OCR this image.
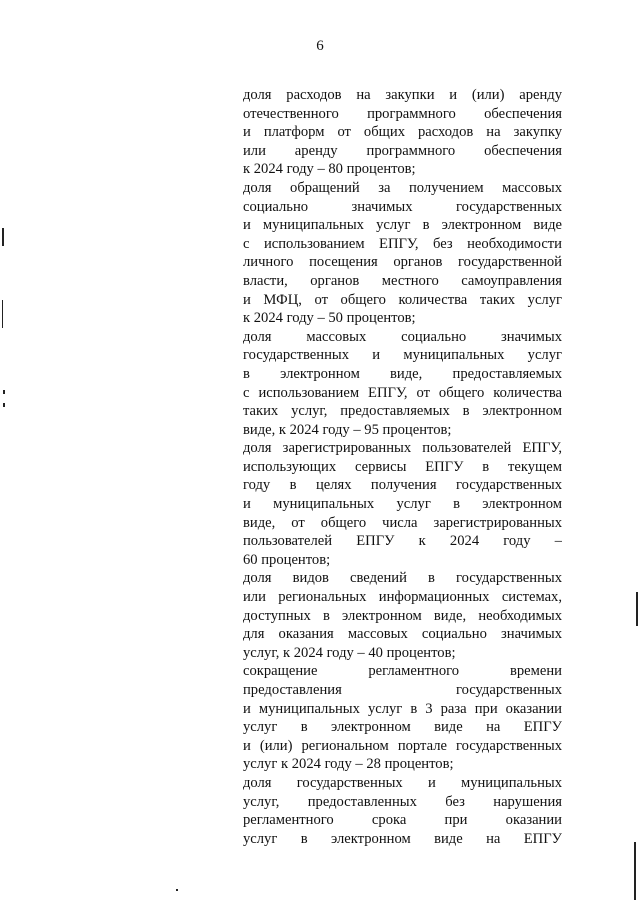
6
доля расходов на закупки и (или) аренду
отечественного программного обеспечения
и платформ от общих расходов на закупку
или аренду программного обеспечения
к 2024 году – 80 процентов;
доля обращений за получением массовых
социально значимых государственных
и муниципальных услуг в электронном виде
с использованием ЕПГУ, без необходимости
личного посещения органов государственной
власти, органов местного самоуправления
и МФЦ, от общего количества таких услуг
к 2024 году – 50 процентов;
доля массовых социально значимых
государственных и муниципальных услуг
в электронном виде, предоставляемых
с использованием ЕПГУ, от общего количества
таких услуг, предоставляемых в электронном
виде, к 2024 году – 95 процентов;
доля зарегистрированных пользователей ЕПГУ,
использующих сервисы ЕПГУ в текущем
году в целях получения государственных
и муниципальных услуг в электронном
виде, от общего числа зарегистрированных
пользователей ЕПГУ к 2024 году –
60 процентов;
доля видов сведений в государственных
или региональных информационных системах,
доступных в электронном виде, необходимых
для оказания массовых социально значимых
услуг, к 2024 году – 40 процентов;
сокращение регламентного времени
предоставления государственных
и муниципальных услуг в 3 раза при оказании
услуг в электронном виде на ЕПГУ
и (или) региональном портале государственных
услуг к 2024 году – 28 процентов;
доля государственных и муниципальных
услуг, предоставленных без нарушения
регламентного срока при оказании
услуг в электронном виде на ЕПГУ
